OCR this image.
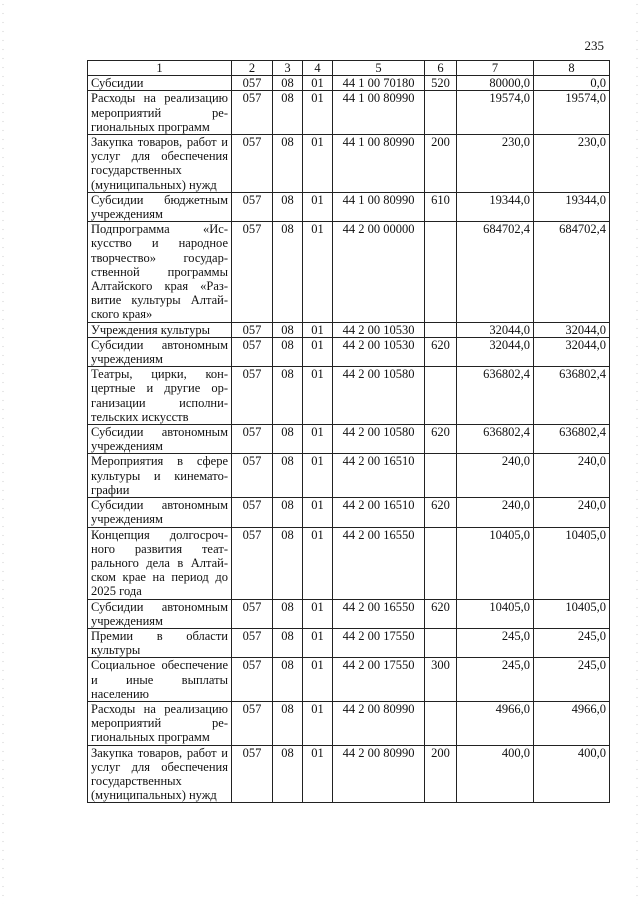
235
1	2	3	4	5	6	7	8
Субсидии	057	08	01	44 1 00 70180	520	80000,0	0,0
Расходы на реализацию мероприятий региональных программ	057	08	01	44 1 00 80990		19574,0	19574,0
Закупка товаров, работ и услуг для обеспечения государственных (муниципальных) нужд	057	08	01	44 1 00 80990	200	230,0	230,0
Субсидии бюджетным учреждениям	057	08	01	44 1 00 80990	610	19344,0	19344,0
Подпрограмма «Искусство и народное творчество» государственной программы Алтайского края «Развитие культуры Алтайского края»	057	08	01	44 2 00 00000		684702,4	684702,4
Учреждения культуры	057	08	01	44 2 00 10530		32044,0	32044,0
Субсидии автономным учреждениям	057	08	01	44 2 00 10530	620	32044,0	32044,0
Театры, цирки, концертные и другие организации исполнительских искусств	057	08	01	44 2 00 10580		636802,4	636802,4
Субсидии автономным учреждениям	057	08	01	44 2 00 10580	620	636802,4	636802,4
Мероприятия в сфере культуры и кинематографии	057	08	01	44 2 00 16510		240,0	240,0
Субсидии автономным учреждениям	057	08	01	44 2 00 16510	620	240,0	240,0
Концепция долгосрочного развития театрального дела в Алтайском крае на период до 2025 года	057	08	01	44 2 00 16550		10405,0	10405,0
Субсидии автономным учреждениям	057	08	01	44 2 00 16550	620	10405,0	10405,0
Премии в области культуры	057	08	01	44 2 00 17550		245,0	245,0
Социальное обеспечение и иные выплаты населению	057	08	01	44 2 00 17550	300	245,0	245,0
Расходы на реализацию мероприятий региональных программ	057	08	01	44 2 00 80990		4966,0	4966,0
Закупка товаров, работ и услуг для обеспечения государственных (муниципальных) нужд	057	08	01	44 2 00 80990	200	400,0	400,0
